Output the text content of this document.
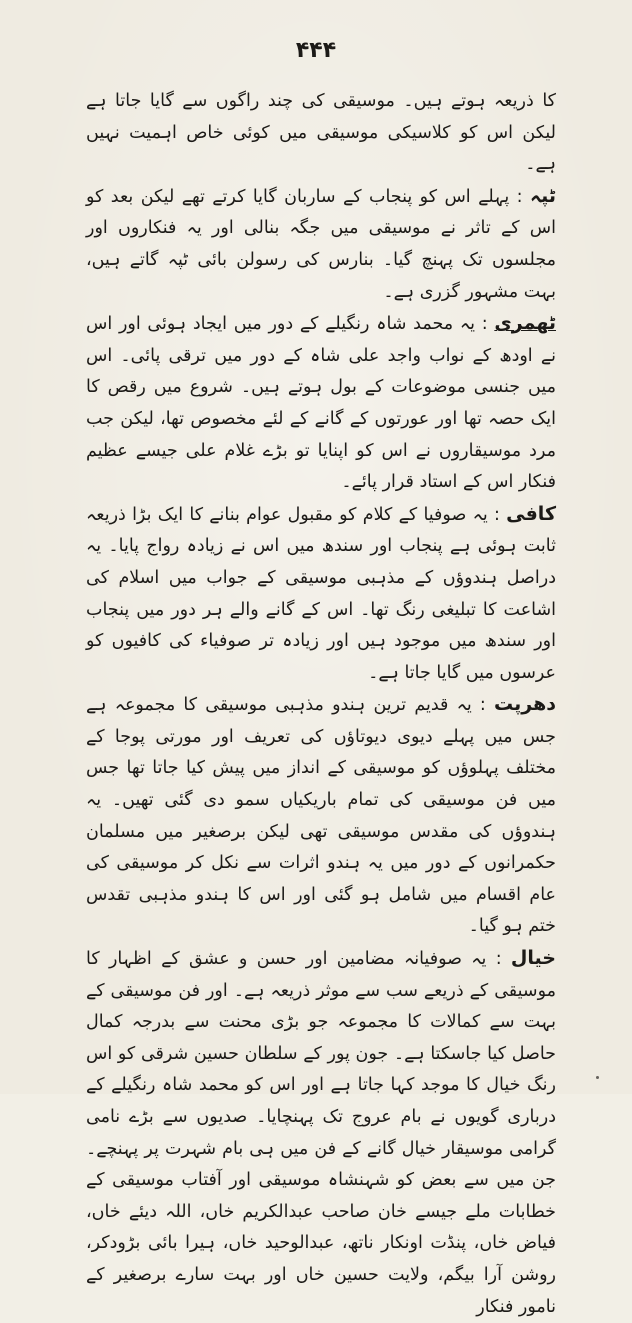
۴۴۴

کا ذریعہ ہوتے ہیں۔ موسیقی کی چند راگوں سے گایا جاتا ہے لیکن اس کو کلاسیکی موسیقی میں کوئی خاص اہمیت نہیں ہے۔

ٹپہ : پہلے اس کو پنجاب کے ساربان گایا کرتے تھے لیکن بعد کو اس کے تاثر نے موسیقی میں جگہ بنالی اور یہ فنکاروں اور مجلسوں تک پہنچ گیا۔ بنارس کی رسولن بائی ٹپہ گاتے ہیں، بہت مشہور گزری ہے۔

ٹھمری : یہ محمد شاہ رنگیلے کے دور میں ایجاد ہوئی اور اس نے اودھ کے نواب واجد علی شاہ کے دور میں ترقی پائی۔ اس میں جنسی موضوعات کے بول ہوتے ہیں۔ شروع میں رقص کا ایک حصہ تھا اور عورتوں کے گانے کے لئے مخصوص تھا، لیکن جب مرد موسیقاروں نے اس کو اپنایا تو بڑے غلام علی جیسے عظیم فنکار اس کے استاد قرار پائے۔

کافی : یہ صوفیا کے کلام کو مقبول عوام بنانے کا ایک بڑا ذریعہ ثابت ہوئی ہے پنجاب اور سندھ میں اس نے زیادہ رواج پایا۔ یہ دراصل ہندوؤں کے مذہبی موسیقی کے جواب میں اسلام کی اشاعت کا تبلیغی رنگ تھا۔ اس کے گانے والے ہر دور میں پنجاب اور سندھ میں موجود ہیں اور زیادہ تر صوفیاء کی کافیوں کو عرسوں میں گایا جاتا ہے۔

دھرپت : یہ قدیم ترین ہندو مذہبی موسیقی کا مجموعہ ہے جس میں پہلے دیوی دیوتاؤں کی تعریف اور مورتی پوجا کے مختلف پہلوؤں کو موسیقی کے انداز میں پیش کیا جاتا تھا جس میں فن موسیقی کی تمام باریکیاں سمو دی گئی تھیں۔ یہ ہندوؤں کی مقدس موسیقی تھی لیکن برصغیر میں مسلمان حکمرانوں کے دور میں یہ ہندو اثرات سے نکل کر موسیقی کی عام اقسام میں شامل ہو گئی اور اس کا ہندو مذہبی تقدس ختم ہو گیا۔

خیال : یہ صوفیانہ مضامین اور حسن و عشق کے اظہار کا موسیقی کے ذریعے سب سے موثر ذریعہ ہے۔ اور فن موسیقی کے بہت سے کمالات کا مجموعہ جو بڑی محنت سے بدرجہ کمال حاصل کیا جاسکتا ہے۔ جون پور کے سلطان حسین شرقی کو اس رنگ خیال کا موجد کہا جاتا ہے اور اس کو محمد شاہ رنگیلے کے درباری گویوں نے بام عروج تک پہنچایا۔ صدیوں سے بڑے نامی گرامی موسیقار خیال گانے کے فن میں ہی بام شہرت پر پہنچے۔ جن میں سے بعض کو شہنشاہ موسیقی اور آفتاب موسیقی کے خطابات ملے جیسے خان صاحب عبدالکریم خاں، اللہ دیئے خاں، فیاض خاں، پنڈت اونکار ناتھ، عبدالوحید خاں، ہیرا بائی بڑودکر، روشن آرا بیگم، ولایت حسین خاں اور بہت سارے برصغیر کے نامور فنکار
